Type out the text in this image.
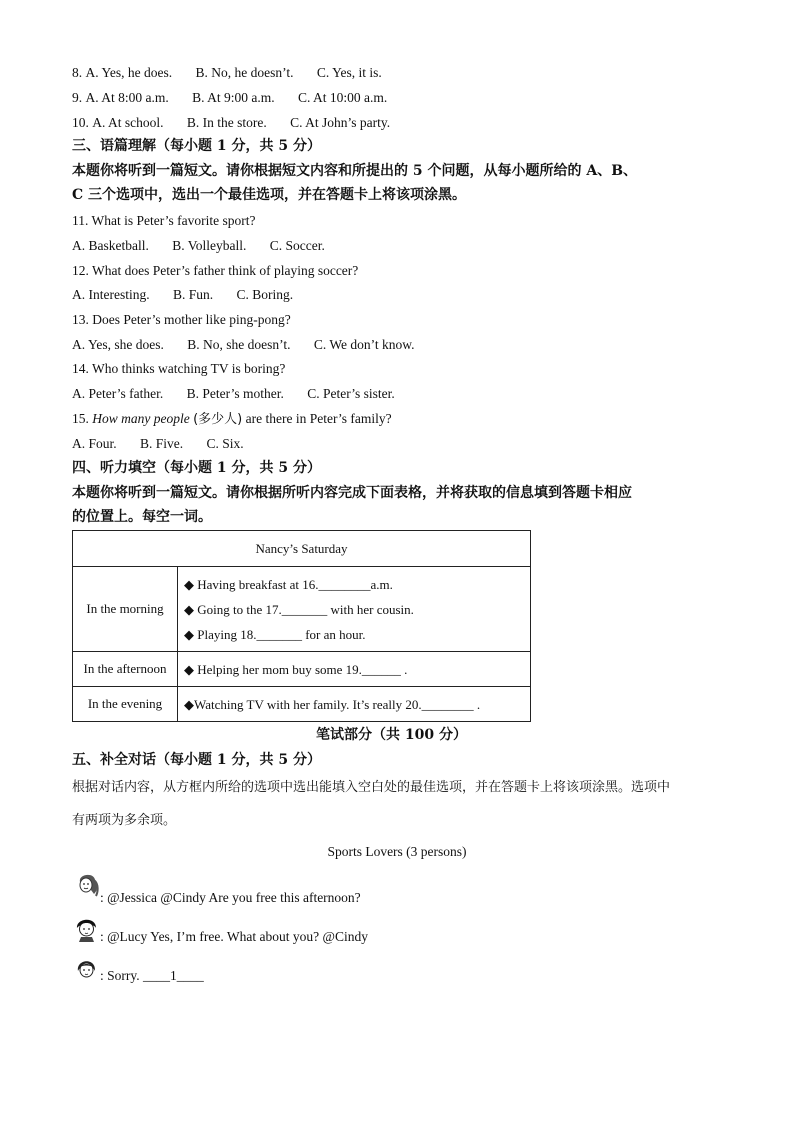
8. A. Yes, he does. B. No, he doesn’t. C. Yes, it is.
9. A. At 8:00 a.m. B. At 9:00 a.m. C. At 10:00 a.m.
10. A. At school. B. In the store. C. At John’s party.
三、语篇理解（每小题 1 分，共 5 分）
本题你将听到一篇短文。请你根据短文内容和所提出的 5 个问题，从每小题所给的 A、B、
C 三个选项中，选出一个最佳选项，并在答题卡上将该项涂黑。
11. What is Peter’s favorite sport?
A. Basketball. B. Volleyball. C. Soccer.
12. What does Peter’s father think of playing soccer?
A. Interesting. B. Fun. C. Boring.
13. Does Peter’s mother like ping-pong?
A. Yes, she does. B. No, she doesn’t. C. We don’t know.
14. Who thinks watching TV is boring?
A. Peter’s father. B. Peter’s mother. C. Peter’s sister.
15. How many people (多少人) are there in Peter’s family?
A. Four. B. Five. C. Six.
四、听力填空（每小题 1 分，共 5 分）
本题你将听到一篇短文。请你根据所听内容完成下面表格，并将获取的信息填到答题卡相应
的位置上。每空一词。
Nancy’s Saturday	
In the morning	◆ Having breakfast at 16.________a.m.
◆ Going to the 17._______ with her cousin.
◆ Playing 18._______ for an hour.

In the afternoon	◆ Helping her mom buy some 19.______ .

In the evening	◆Watching TV with her family. It’s really 20.________ .
笔试部分（共 100 分）
五、补全对话（每小题 1 分，共 5 分）
根据对话内容，从方框内所给的选项中选出能填入空白处的最佳选项，并在答题卡上将该项涂黑。选项中
有两项为多余项。
Sports Lovers (3 persons)
: @Jessica @Cindy Are you free this afternoon?
: @Lucy Yes, I’m free. What about you? @Cindy
: Sorry. ____1____
